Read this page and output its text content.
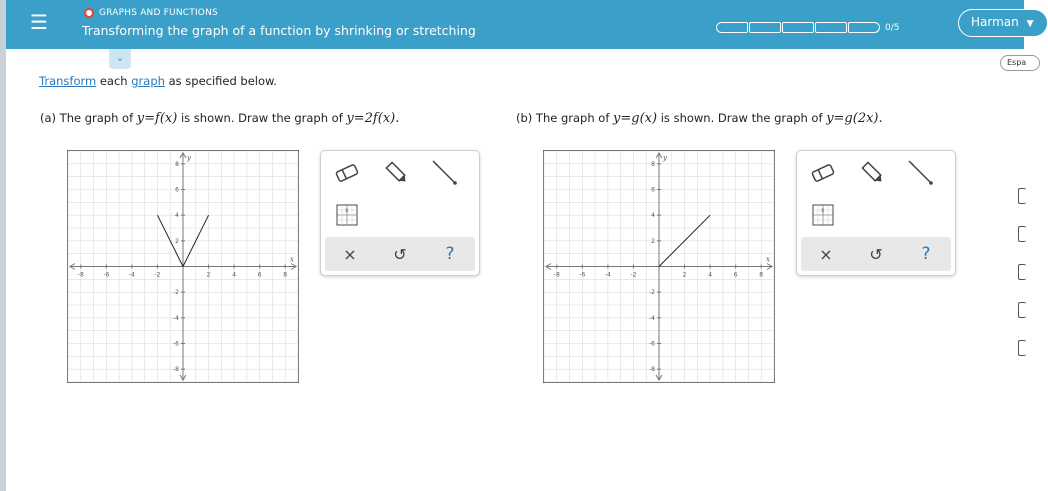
☰	GRAPHS AND FUNCTIONS
Transforming the graph of a function by shrinking or stretching	0/5	Harman ▼
⌄	Espa
Transform each graph as specified below.
(a) The graph of y=f(x) is shown. Draw the graph of y=2f(x).	(b) The graph of y=g(x) is shown. Draw the graph of y=g(2x).
-8	-6	-4	-2	2	4	6	8
8
6
4
2
-2
-4
-6
-8
x
y
x
×	↺	?
-8	-6	-4	-2	2	4	6	8
8
6
4
2
-2
-4
-6
-8
x
y
x
×	↺	?
